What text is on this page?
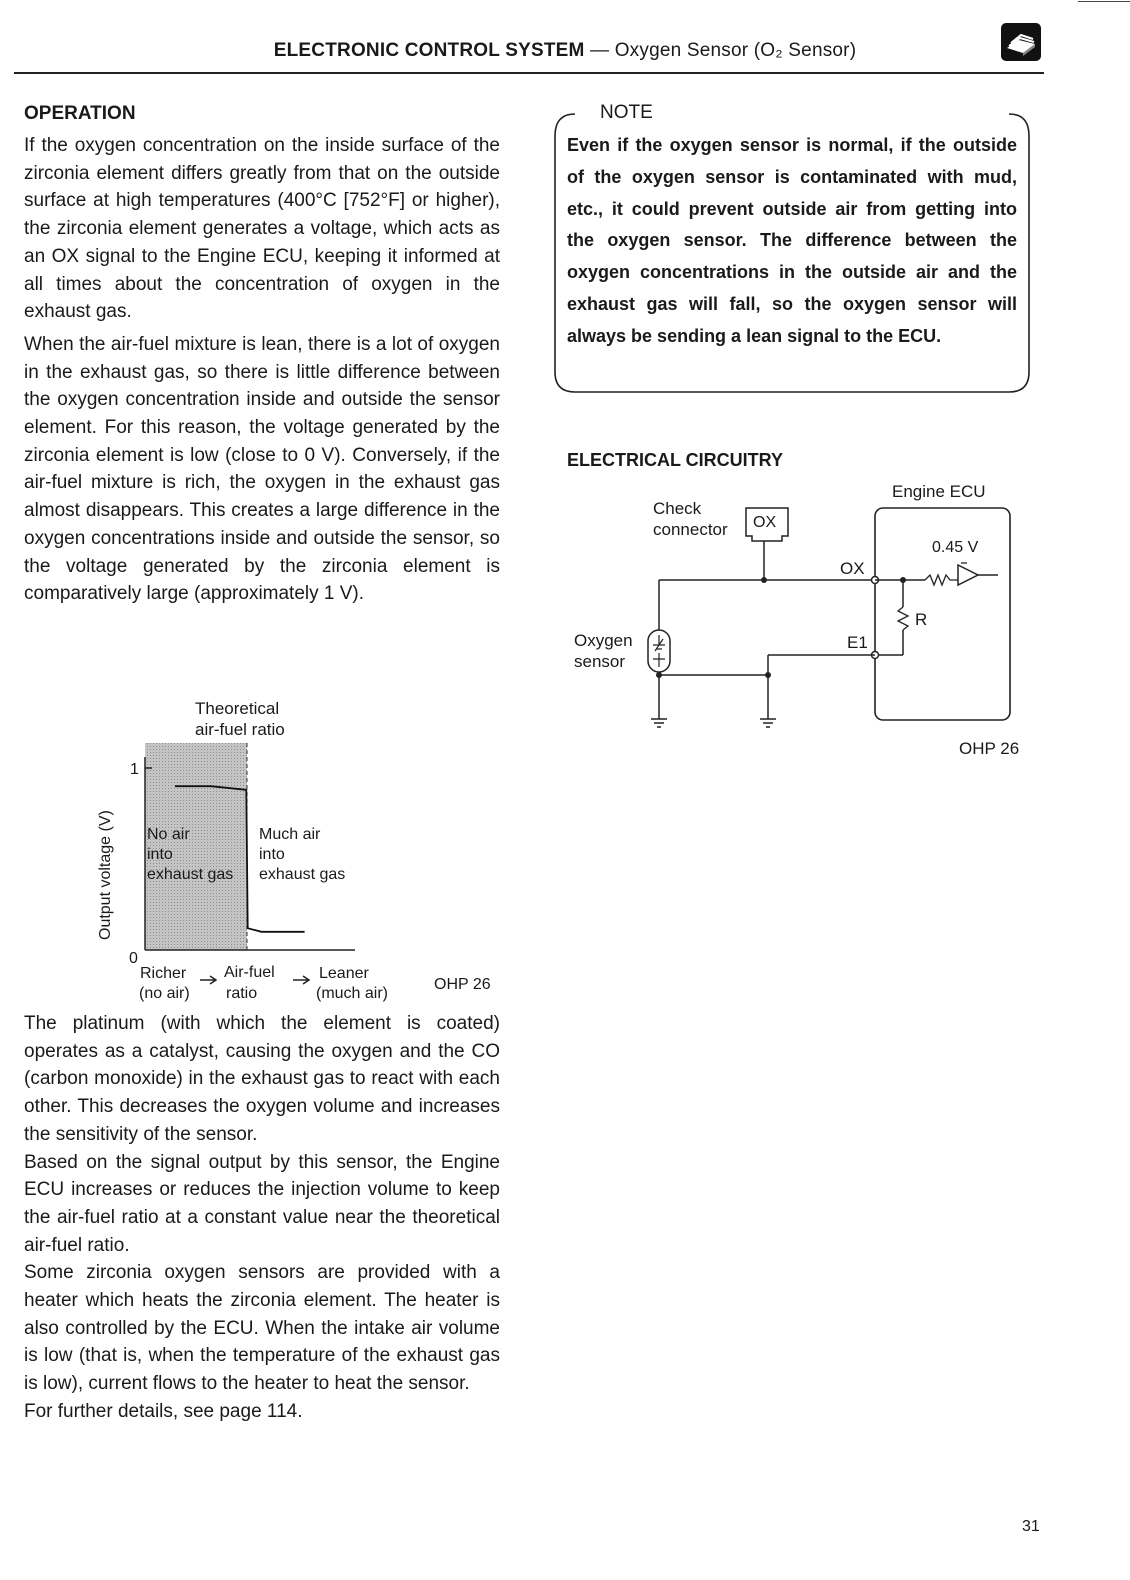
ELECTRONIC CONTROL SYSTEM — Oxygen Sensor (O₂ Sensor)
OPERATION

If the oxygen concentration on the inside surface of the zirconia element differs greatly from that on the outside surface at high temperatures (400°C [752°F] or higher), the zirconia element generates a voltage, which acts as an OX signal to the Engine ECU, keeping it informed at all times about the concentration of oxygen in the exhaust gas.

When the air-fuel mixture is lean, there is a lot of oxygen in the exhaust gas, so there is little difference between the oxygen concentration inside and outside the sensor element. For this reason, the voltage generated by the zirconia element is low (close to 0 V). Conversely, if the air-fuel mixture is rich, the oxygen in the exhaust gas almost disappears. This creates a large difference in the oxygen concentrations inside and outside the sensor, so the voltage generated by the zirconia element is comparatively large (approximately 1 V).

Theoretical
air-fuel ratio
1
0
Output voltage (V) No air
into
exhaust gas
Much air
into
exhaust gas
Richer
(no air)
Air-fuel
ratio
Leaner
(much air)
OHP 26

The platinum (with which the element is coated) operates as a catalyst, causing the oxygen and the CO (carbon monoxide) in the exhaust gas to react with each other. This decreases the oxygen volume and increases the sensitivity of the sensor.

Based on the signal output by this sensor, the Engine ECU increases or reduces the injection volume to keep the air-fuel ratio at a constant value near the theoretical air-fuel ratio.

Some zirconia oxygen sensors are provided with a heater which heats the zirconia element. The heater is also controlled by the ECU. When the intake air volume is low (that is, when the temperature of the exhaust gas is low), current flows to the heater to heat the sensor.

For further details, see page 114.

NOTE
Even if the oxygen sensor is normal, if the outside of the oxygen sensor is contaminated with mud, etc., it could prevent outside air from getting into the oxygen sensor. The difference between the oxygen concentrations in the outside air and the exhaust gas will fall, so the oxygen sensor will always be sending a lean signal to the ECU.
ELECTRICAL CIRCUITRY
Engine ECU
Check
connector OX
OX
0.45 V
R
E1
Oxygen
sensor
OHP 26
31
